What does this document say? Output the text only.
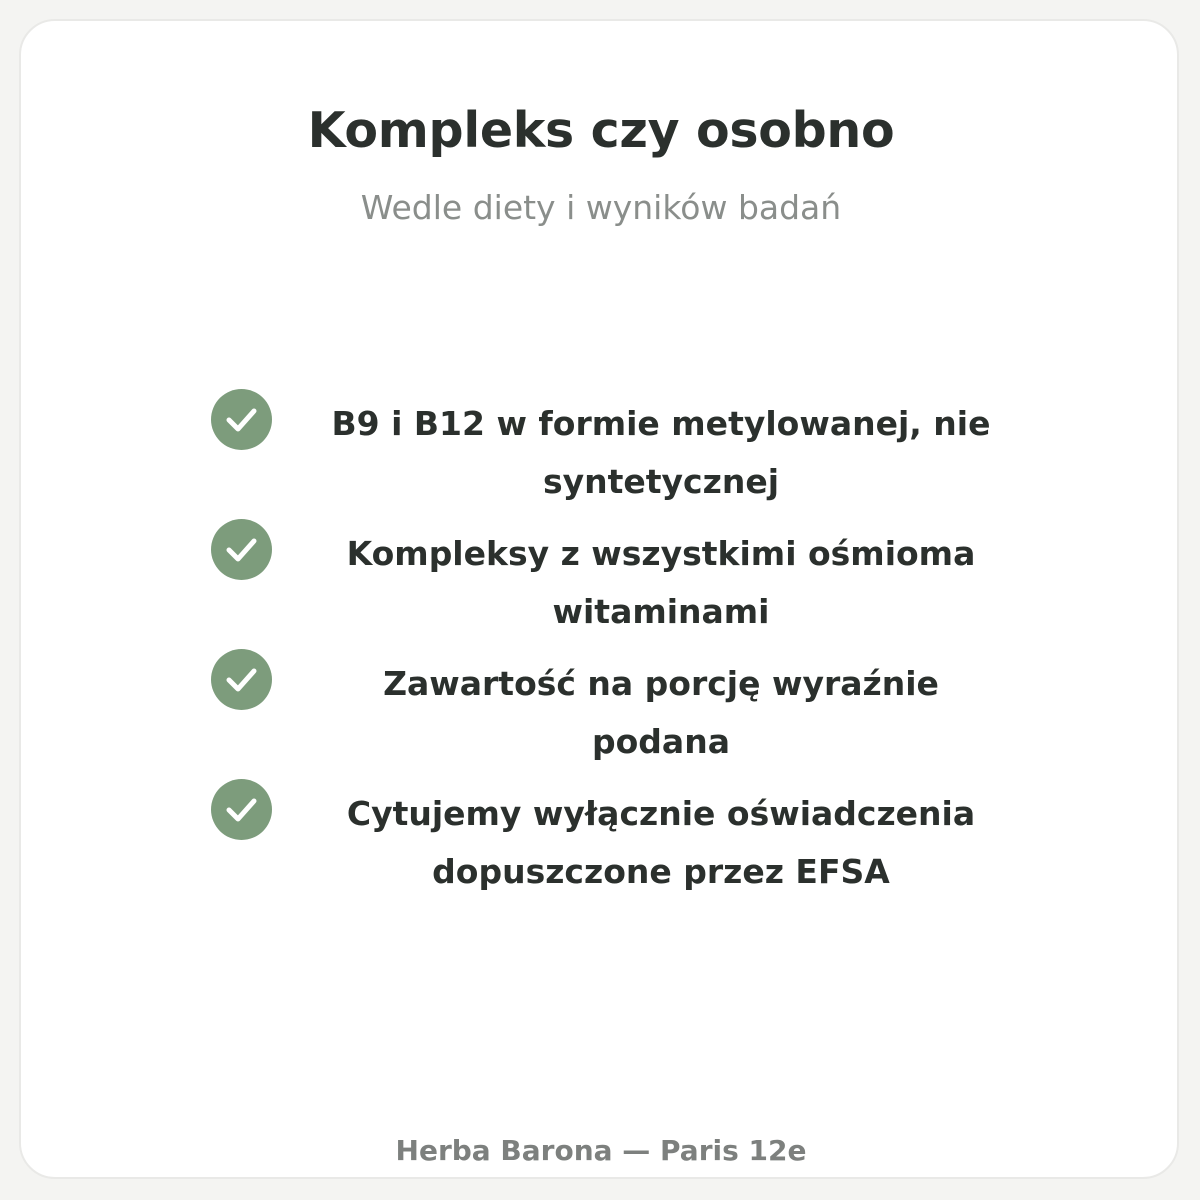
Kompleks czy osobno
Wedle diety i wyników badań
B9 i B12 w formie metylowanej, nie syntetycznej
Kompleksy z wszystkimi ośmioma witaminami
Zawartość na porcję wyraźnie podana
Cytujemy wyłącznie oświadczenia dopuszczone przez EFSA
Herba Barona — Paris 12e
